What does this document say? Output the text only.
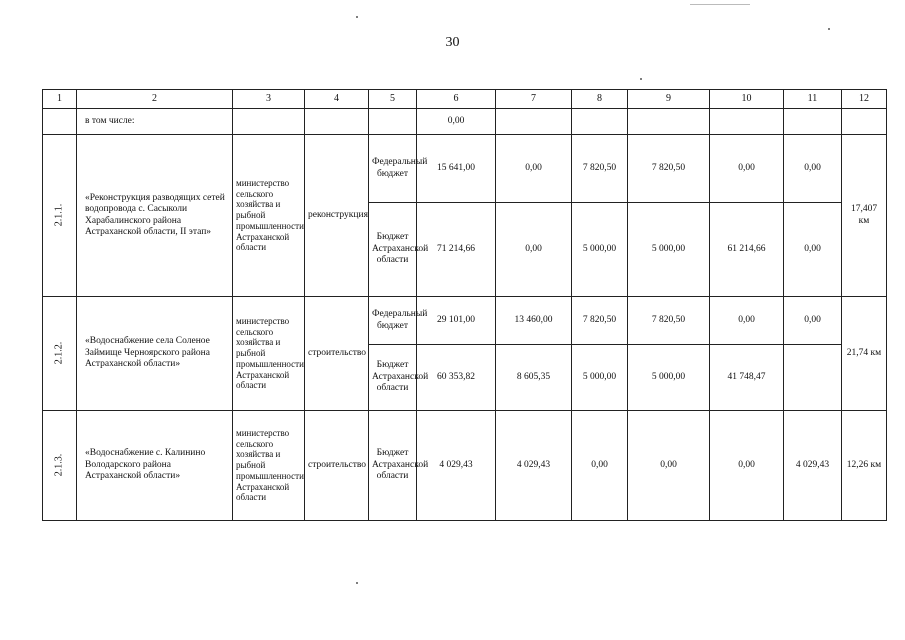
30
1	2	3	4	5	6	7	8	9	10	11	12
	в том числе:				0,00						
2.1.1.	«Реконструкция разводящих сетей водопровода с. Сасыколи Харабалинского района Астраханской области, II этап»	министерство сельского хозяйства и рыбной промышленности Астраханской области	реконструкция	Федеральный бюджет	15 641,00	0,00	7 820,50	7 820,50	0,00	0,00	17,407 км
				Бюджет Астраханской области	71 214,66	0,00	5 000,00	5 000,00	61 214,66	0,00	
2.1.2.	«Водоснабжение села Соленое Займище Черноярского района Астраханской области»	министерство сельского хозяйства и рыбной промышленности Астраханской области	строительство	Федеральный бюджет	29 101,00	13 460,00	7 820,50	7 820,50	0,00	0,00	21,74 км
				Бюджет Астраханской области	60 353,82	8 605,35	5 000,00	5 000,00	41 748,47		
2.1.3.	«Водоснабжение с. Калинино Володарского района Астраханской области»	министерство сельского хозяйства и рыбной промышленности Астраханской области	строительство	Бюджет Астраханской области	4 029,43	4 029,43	0,00	0,00	0,00	4 029,43	12,26 км
